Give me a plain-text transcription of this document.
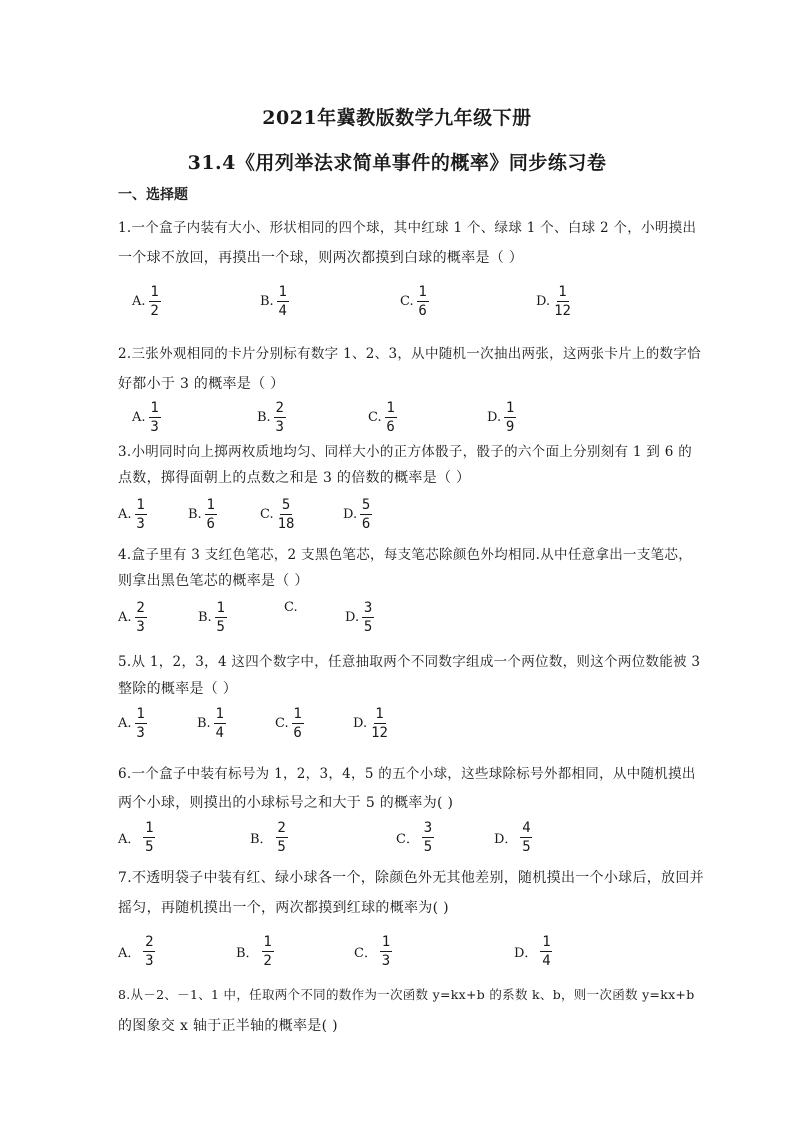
2021年冀教版数学九年级下册
31.4《用列举法求简单事件的概率》同步练习卷
一、选择题
1.一个盒子内装有大小、形状相同的四个球，其中红球 1 个、绿球 1 个、白球 2 个，小明摸出
一个球不放回，再摸出一个球，则两次都摸到白球的概率是（ ）
A. $\frac{1}{2}$	B. $\frac{1}{4}$	C. $\frac{1}{6}$	D. $\frac{1}{12}$
2.三张外观相同的卡片分别标有数字 1、2、3，从中随机一次抽出两张，这两张卡片上的数字恰
好都小于 3 的概率是（ ）
A. $\frac{1}{3}$	B. $\frac{2}{3}$	C. $\frac{1}{6}$	D. $\frac{1}{9}$
3.小明同时向上掷两枚质地均匀、同样大小的正方体骰子，骰子的六个面上分别刻有 1 到 6 的
点数，掷得面朝上的点数之和是 3 的倍数的概率是（ ）
A. $\frac{1}{3}$	B. $\frac{1}{6}$	C. $\frac{5}{18}$	D. $\frac{5}{6}$
4.盒子里有 3 支红色笔芯，2 支黑色笔芯，每支笔芯除颜色外均相同.从中任意拿出一支笔芯，
则拿出黑色笔芯的概率是（ ）
A. $\frac{2}{3}$	B. $\frac{1}{5}$	C.
D. $\frac{3}{5}$
5.从 1，2，3，4 这四个数字中，任意抽取两个不同数字组成一个两位数，则这个两位数能被 3
整除的概率是（ ）
A. $\frac{1}{3}$	B. $\frac{1}{4}$	C. $\frac{1}{6}$	D. $\frac{1}{12}$
6.一个盒子中装有标号为 1，2，3，4，5 的五个小球，这些球除标号外都相同，从中随机摸出
两个小球，则摸出的小球标号之和大于 5 的概率为( )
A． $\frac{1}{5}$	B． $\frac{2}{5}$	C． $\frac{3}{5}$	D． $\frac{4}{5}$
7.不透明袋子中装有红、绿小球各一个，除颜色外无其他差别，随机摸出一个小球后，放回并
摇匀，再随机摸出一个，两次都摸到红球的概率为( )
A． $\frac{2}{3}$	B． $\frac{1}{2}$	C． $\frac{1}{3}$	D． $\frac{1}{4}$
8.从－2、－1、1 中，任取两个不同的数作为一次函数 y=kx+b 的系数 k、b，则一次函数 y=kx+b
的图象交 x 轴于正半轴的概率是( )
